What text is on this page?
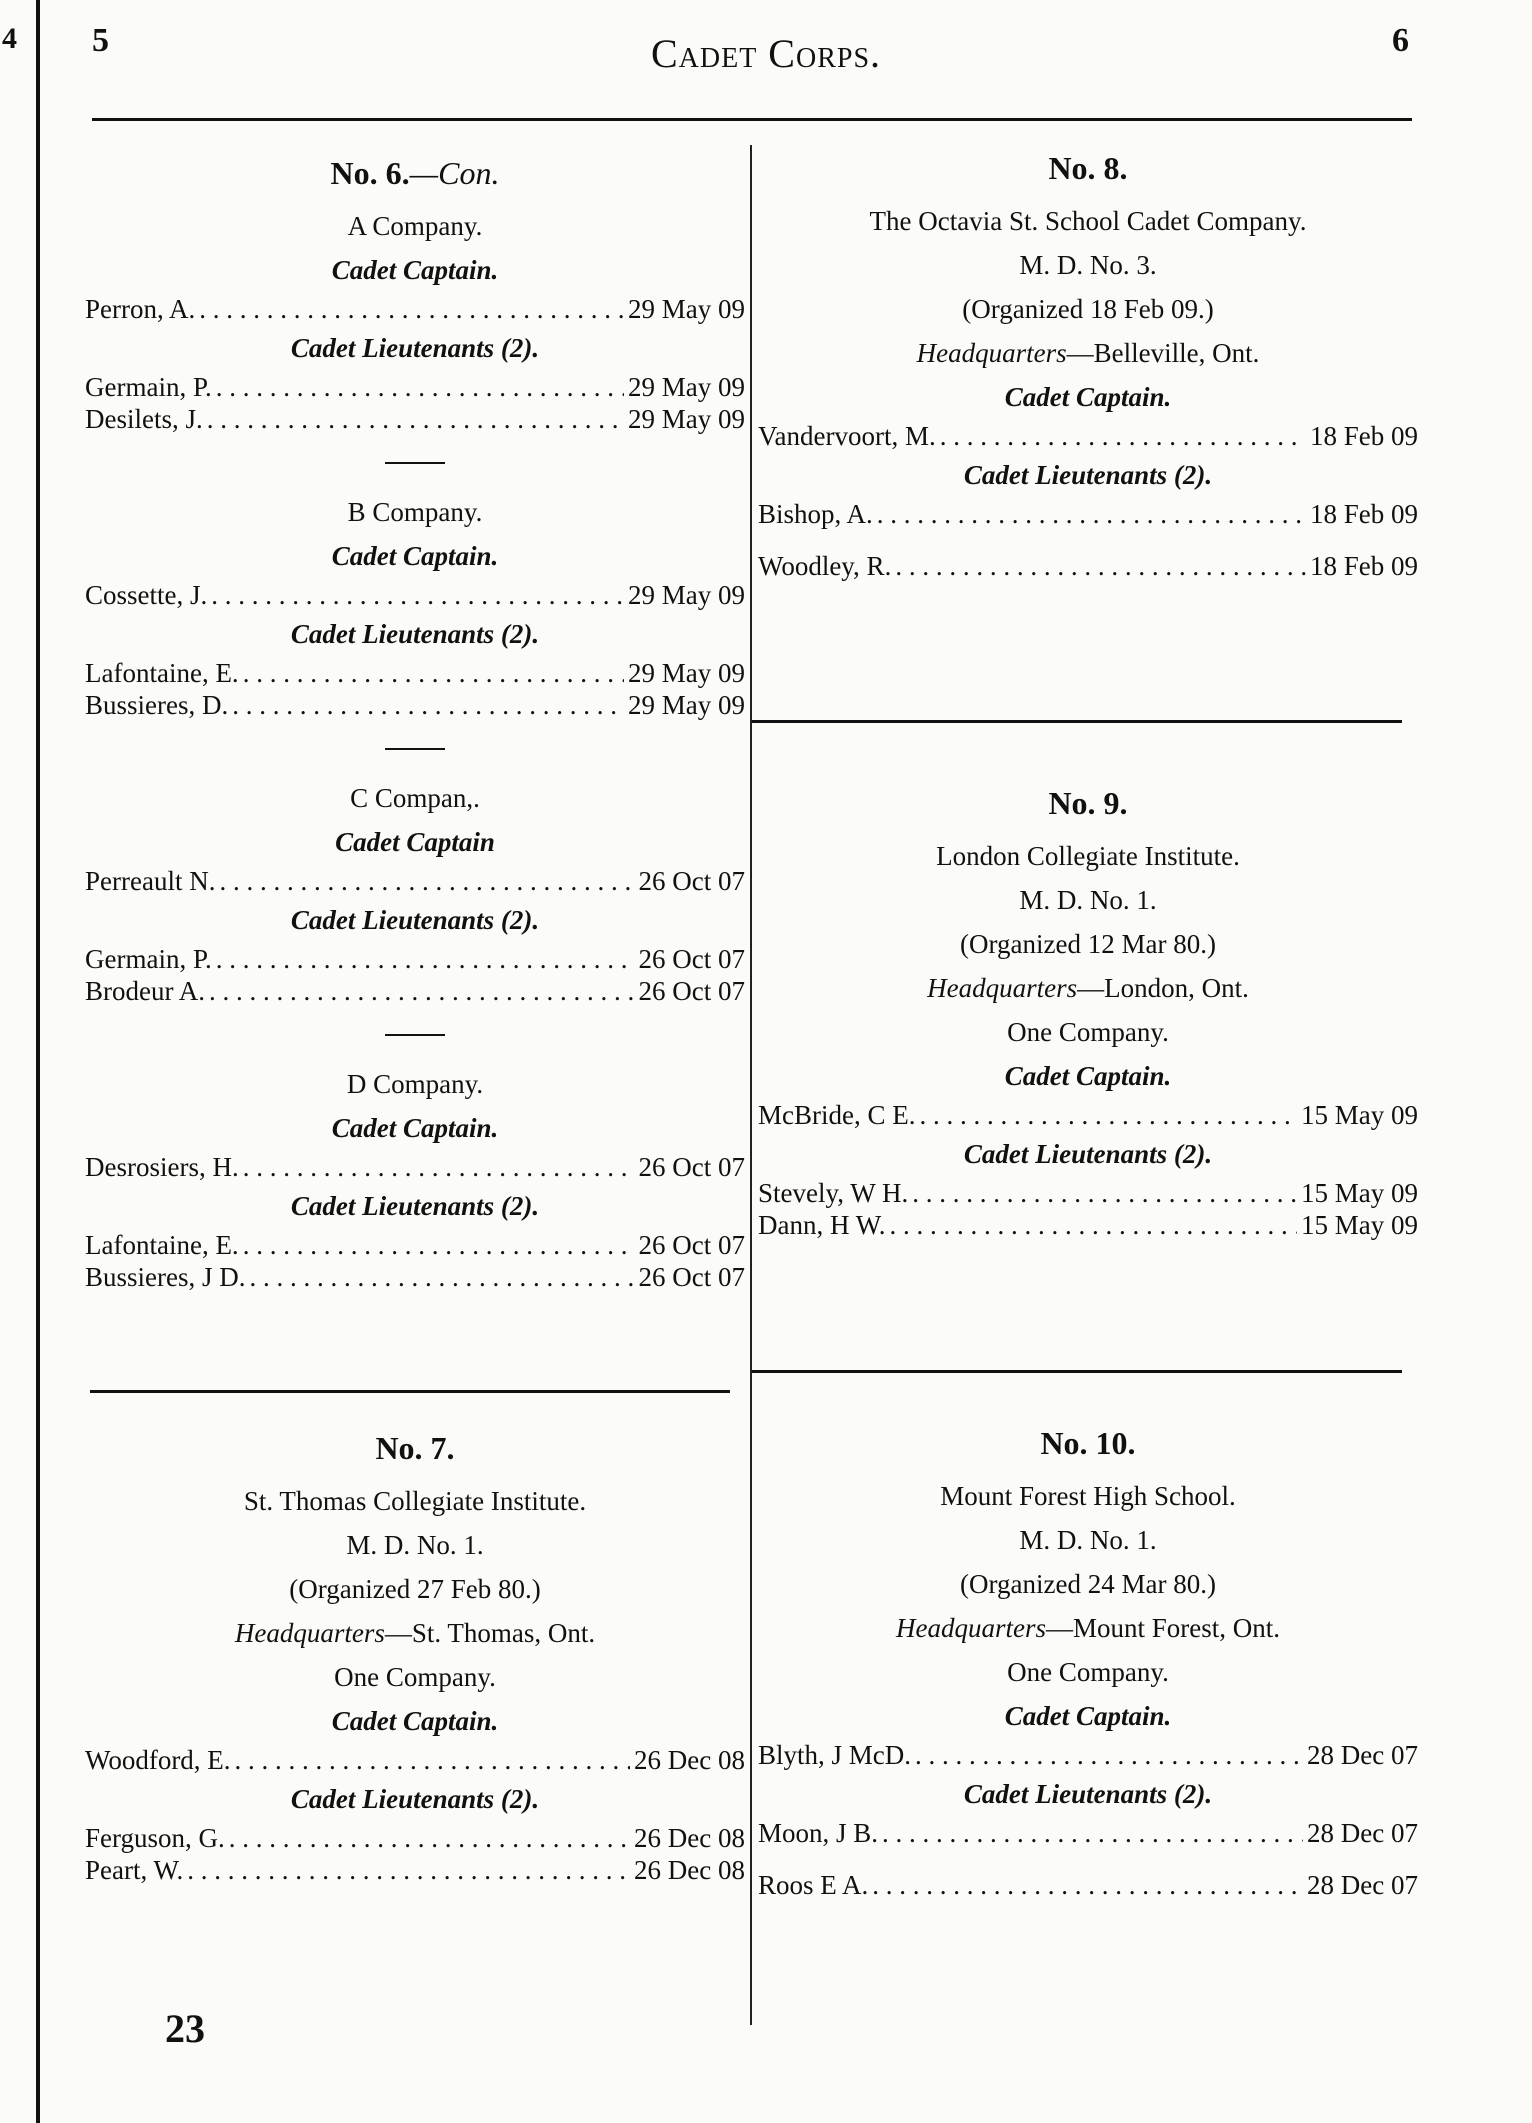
4 5	Cadet Corps.	6
No. 6.—Con.
A Company.
Cadet Captain.
Perron, A. . . .	29 May 09
Cadet Lieutenants (2).
Germain, P. . . .	29 May 09
Desilets, J. . . .	29 May 09
B Company.
Cadet Captain.
Cossette, J. . . .	29 May 09
Cadet Lieutenants (2).
Lafontaine, E. . . .	29 May 09
Bussieres, D. . . .	29 May 09
C Compan,.
Cadet Captain
Perreault N. . . .	26 Oct 07
Cadet Lieutenants (2).
Germain, P. . . .	26 Oct 07
Brodeur A. . . .	26 Oct 07
D Company.
Cadet Captain.
Desrosiers, H. . . .	26 Oct 07
Cadet Lieutenants (2).
Lafontaine, E. . . .	26 Oct 07
Bussieres, J D. . . .	26 Oct 07
No. 7.
St. Thomas Collegiate Institute.
M. D. No. 1.
(Organized 27 Feb 80.)
Headquarters—St. Thomas, Ont.
One Company.
Cadet Captain.
Woodford, E. . . .	26 Dec 08
Cadet Lieutenants (2).
Ferguson, G. . . .	26 Dec 08
Peart, W. . . .	26 Dec 08
No. 8.
The Octavia St. School Cadet Company.
M. D. No. 3.
(Organized 18 Feb 09.)
Headquarters—Belleville, Ont.
Cadet Captain.
Vandervoort, M. . . .	18 Feb 09
Cadet Lieutenants (2).
Bishop, A. . . .	18 Feb 09
Woodley, R. . . .	18 Feb 09
No. 9.
London Collegiate Institute.
M. D. No. 1.
(Organized 12 Mar 80.)
Headquarters—London, Ont.
One Company.
Cadet Captain.
McBride, C E. . . .	15 May 09
Cadet Lieutenants (2).
Stevely, W H. . . .	15 May 09
Dann, H W. . . .	15 May 09
No. 10.
Mount Forest High School.
M. D. No. 1.
(Organized 24 Mar 80.)
Headquarters—Mount Forest, Ont.
One Company.
Cadet Captain.
Blyth, J McD. . . .	28 Dec 07
Cadet Lieutenants (2).
Moon, J B. . . .	28 Dec 07
Roos E A. . . .	28 Dec 07
23
